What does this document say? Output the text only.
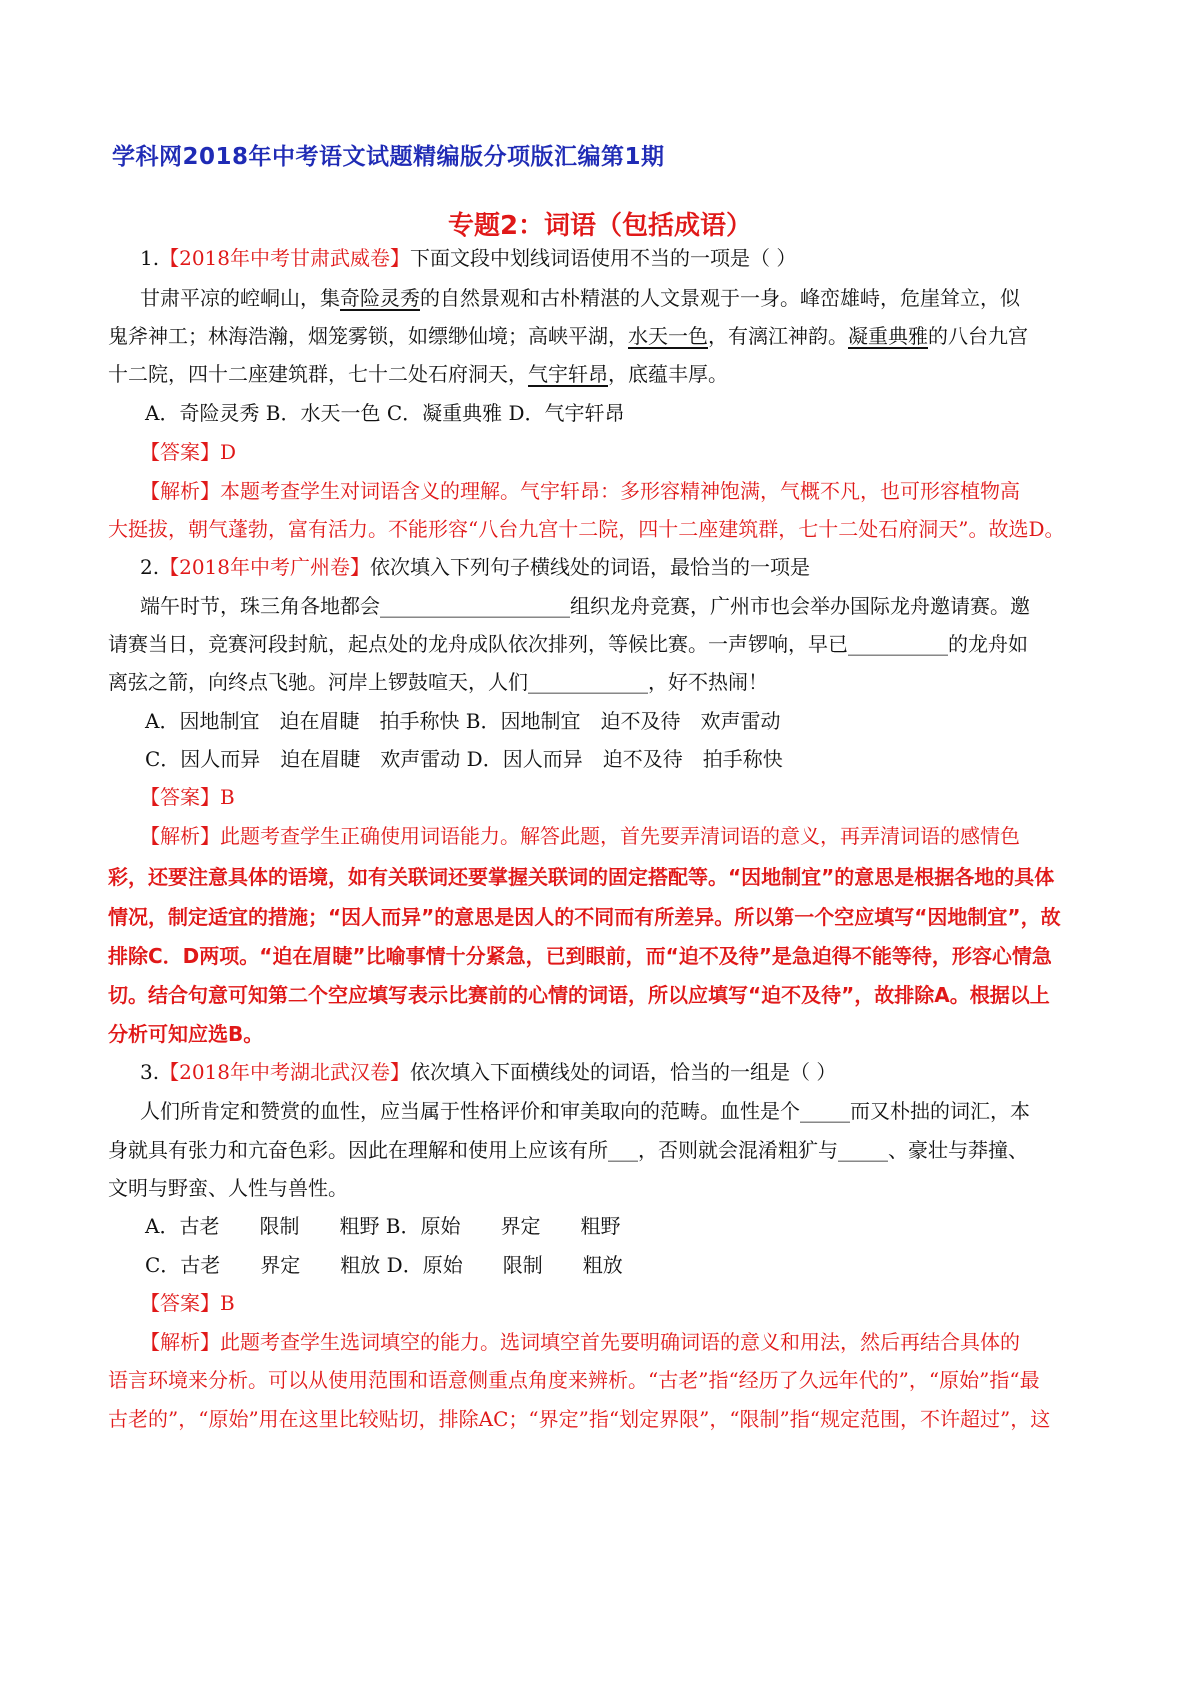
学科网2018年中考语文试题精编版分项版汇编第1期
专题2：词语（包括成语）
1.【2018年中考甘肃武威卷】下面文段中划线词语使用不当的一项是（ ）
甘肃平凉的崆峒山，集奇险灵秀的自然景观和古朴精湛的人文景观于一身。峰峦雄峙，危崖耸立，似
鬼斧神工；林海浩瀚，烟笼雾锁，如缥缈仙境；高峡平湖，水天一色，有漓江神韵。凝重典雅的八台九宫
十二院，四十二座建筑群，七十二处石府洞天，气宇轩昂，底蕴丰厚。
A．奇险灵秀 B．水天一色 C．凝重典雅 D．气宇轩昂
【答案】D
【解析】本题考查学生对词语含义的理解。气宇轩昂：多形容精神饱满，气概不凡，也可形容植物高
大挺拔，朝气蓬勃，富有活力。不能形容“八台九宫十二院，四十二座建筑群，七十二处石府洞天”。故选D。
2.【2018年中考广州卷】依次填入下列句子横线处的词语，最恰当的一项是
端午时节，珠三角各地都会___________________组织龙舟竞赛，广州市也会举办国际龙舟邀请赛。邀
请赛当日，竞赛河段封航，起点处的龙舟成队依次排列，等候比赛。一声锣响，早已__________的龙舟如
离弦之箭，向终点飞驰。河岸上锣鼓喧天，人们____________，好不热闹！
A．因地制宜　迫在眉睫　拍手称快 B．因地制宜　迫不及待　欢声雷动
C．因人而异　迫在眉睫　欢声雷动 D．因人而异　迫不及待　拍手称快
【答案】B
【解析】此题考查学生正确使用词语能力。解答此题，首先要弄清词语的意义，再弄清词语的感情色
彩，还要注意具体的语境，如有关联词还要掌握关联词的固定搭配等。“因地制宜”的意思是根据各地的具体
情况，制定适宜的措施；“因人而异”的意思是因人的不同而有所差异。所以第一个空应填写“因地制宜”，故
排除C．D两项。“迫在眉睫”比喻事情十分紧急，已到眼前，而“迫不及待”是急迫得不能等待，形容心情急
切。结合句意可知第二个空应填写表示比赛前的心情的词语，所以应填写“迫不及待”，故排除A。根据以上
分析可知应选B。
3.【2018年中考湖北武汉卷】依次填入下面横线处的词语，恰当的一组是（ ）
人们所肯定和赞赏的血性，应当属于性格评价和审美取向的范畴。血性是个_____而又朴拙的词汇，本
身就具有张力和亢奋色彩。因此在理解和使用上应该有所___，否则就会混淆粗犷与_____、豪壮与莽撞、
文明与野蛮、人性与兽性。
A．古老　　限制　　粗野 B．原始　　界定　　粗野
C．古老　　界定　　粗放 D．原始　　限制　　粗放
【答案】B
【解析】此题考查学生选词填空的能力。选词填空首先要明确词语的意义和用法，然后再结合具体的
语言环境来分析。可以从使用范围和语意侧重点角度来辨析。“古老”指“经历了久远年代的”，“原始”指“最
古老的”，“原始”用在这里比较贴切，排除AC；“界定”指“划定界限”，“限制”指“规定范围，不许超过”，这
